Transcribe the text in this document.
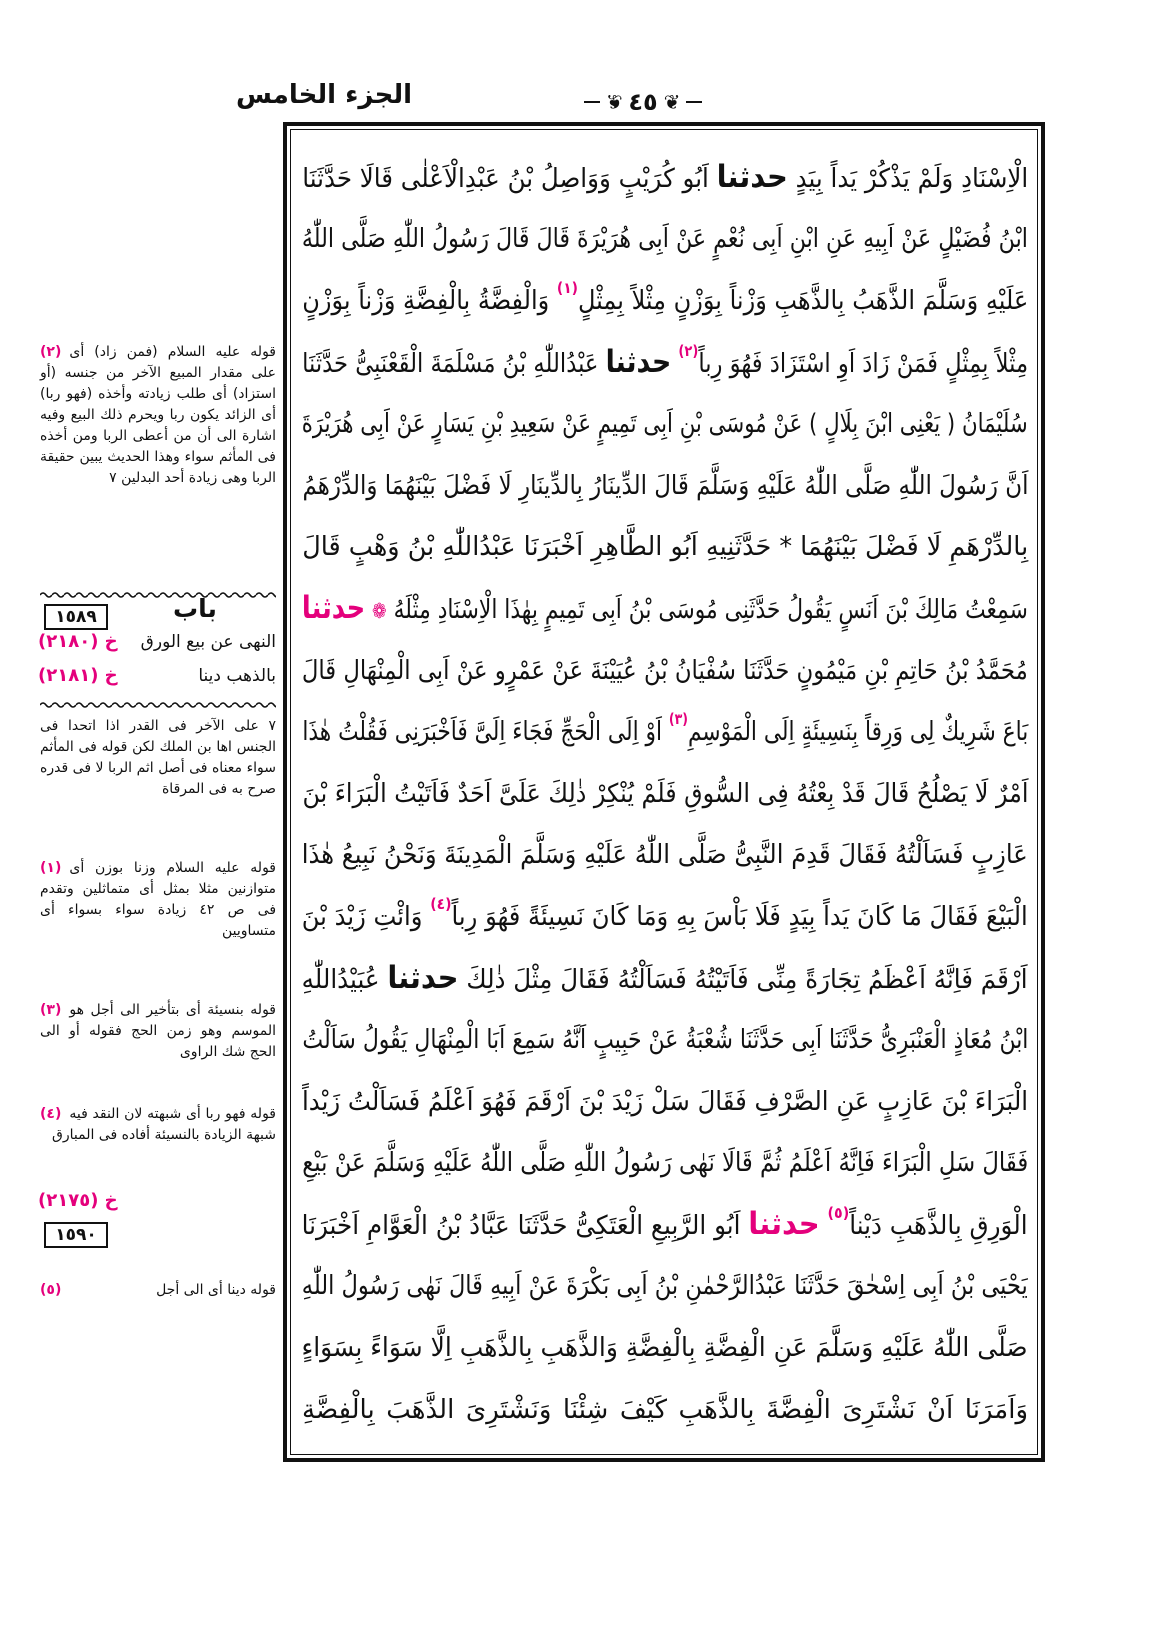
الجزء الخامس	❦
٤٥
❦
الْاِسْنَادِ وَلَمْ يَذْكُرْ يَداً بِيَدٍ حدثنا اَبُو كُرَيْبٍ وَوَاصِلُ بْنُ عَبْدِالْاَعْلٰى قَالَا حَدَّثَنَا
ابْنُ فُضَيْلٍ عَنْ اَبِيهِ عَنِ ابْنِ اَبِى نُعْمٍ عَنْ اَبِى هُرَيْرَةَ قَالَ قَالَ رَسُولُ اللّٰهِ صَلَّى اللّٰهُ
عَلَيْهِ وَسَلَّمَ الذَّهَبُ بِالذَّهَبِ وَزْناً بِوَزْنٍ مِثْلاً بِمِثْلٍ$^{(١)}$ وَالْفِضَّةُ بِالْفِضَّةِ وَزْناً بِوَزْنٍ
مِثْلاً بِمِثْلٍ فَمَنْ زَادَ اَوِ اسْتَزَادَ فَهُوَ رِباً$^{(٢)}$ حدثنا عَبْدُاللّٰهِ بْنُ مَسْلَمَةَ الْقَعْنَبِىُّ حَدَّثَنَا
سُلَيْمَانُ ( يَعْنِى ابْنَ بِلَالٍ ) عَنْ مُوسَى بْنِ اَبِى تَمِيمٍ عَنْ سَعِيدِ بْنِ يَسَارٍ عَنْ اَبِى هُرَيْرَةَ
اَنَّ رَسُولَ اللّٰهِ صَلَّى اللّٰهُ عَلَيْهِ وَسَلَّمَ قَالَ الدِّينَارُ بِالدِّينَارِ لَا فَضْلَ بَيْنَهُمَا وَالدِّرْهَمُ
بِالدِّرْهَمِ لَا فَضْلَ بَيْنَهُمَا * حَدَّثَنِيهِ اَبُو الطَّاهِرِ اَخْبَرَنَا عَبْدُاللّٰهِ بْنُ وَهْبٍ قَالَ
سَمِعْتُ مَالِكَ بْنَ اَنَسٍ يَقُولُ حَدَّثَنِى مُوسَى بْنُ اَبِى تَمِيمٍ بِهٰذَا الْاِسْنَادِ مِثْلَهُ ❁ حدثنا
مُحَمَّدُ بْنُ حَاتِمِ بْنِ مَيْمُونٍ حَدَّثَنَا سُفْيَانُ بْنُ عُيَيْنَةَ عَنْ عَمْرٍو عَنْ اَبِى الْمِنْهَالِ قَالَ
بَاعَ شَرِيكٌ لِى وَرِقاً بِنَسِيئَةٍ اِلَى الْمَوْسِمِ$^{(٣)}$ اَوْ اِلَى الْحَجِّ فَجَاءَ اِلَىَّ فَاَخْبَرَنِى فَقُلْتُ هٰذَا
اَمْرٌ لَا يَصْلُحُ قَالَ قَدْ بِعْتُهُ فِى السُّوقِ فَلَمْ يُنْكِرْ ذٰلِكَ عَلَىَّ اَحَدٌ فَاَتَيْتُ الْبَرَاءَ بْنَ
عَازِبٍ فَسَاَلْتُهُ فَقَالَ قَدِمَ النَّبِىُّ صَلَّى اللّٰهُ عَلَيْهِ وَسَلَّمَ الْمَدِينَةَ وَنَحْنُ نَبِيعُ هٰذَا
الْبَيْعَ فَقَالَ مَا كَانَ يَداً بِيَدٍ فَلَا بَاْسَ بِهِ وَمَا كَانَ نَسِيئَةً فَهُوَ رِباً$^{(٤)}$ وَائْتِ زَيْدَ بْنَ
اَرْقَمَ فَاِنَّهُ اَعْظَمُ تِجَارَةً مِنِّى فَاَتَيْتُهُ فَسَاَلْتُهُ فَقَالَ مِثْلَ ذٰلِكَ حدثنا عُبَيْدُاللّٰهِ
ابْنُ مُعَاذٍ الْعَنْبَرِىُّ حَدَّثَنَا اَبِى حَدَّثَنَا شُعْبَةُ عَنْ حَبِيبٍ اَنَّهُ سَمِعَ اَبَا الْمِنْهَالِ يَقُولُ سَاَلْتُ
الْبَرَاءَ بْنَ عَازِبٍ عَنِ الصَّرْفِ فَقَالَ سَلْ زَيْدَ بْنَ اَرْقَمَ فَهُوَ اَعْلَمُ فَسَاَلْتُ زَيْداً
فَقَالَ سَلِ الْبَرَاءَ فَاِنَّهُ اَعْلَمُ ثُمَّ قَالَا نَهٰى رَسُولُ اللّٰهِ صَلَّى اللّٰهُ عَلَيْهِ وَسَلَّمَ عَنْ بَيْعِ
الْوَرِقِ بِالذَّهَبِ دَيْناً$^{(٥)}$ حدثنا اَبُو الرَّبِيعِ الْعَتَكِىُّ حَدَّثَنَا عَبَّادُ بْنُ الْعَوَّامِ اَخْبَرَنَا
يَحْيَى بْنُ اَبِى اِسْحٰقَ حَدَّثَنَا عَبْدُالرَّحْمٰنِ بْنُ اَبِى بَكْرَةَ عَنْ اَبِيهِ قَالَ نَهٰى رَسُولُ اللّٰهِ
صَلَّى اللّٰهُ عَلَيْهِ وَسَلَّمَ عَنِ الْفِضَّةِ بِالْفِضَّةِ وَالذَّهَبِ بِالذَّهَبِ اِلَّا سَوَاءً بِسَوَاءٍ
وَاَمَرَنَا اَنْ نَشْتَرِىَ الْفِضَّةَ بِالذَّهَبِ كَيْفَ شِئْنَا وَنَشْتَرِىَ الذَّهَبَ بِالْفِضَّةِ
(٢) قوله عليه السلام (فمن زاد) أى على مقدار المبيع الآخر من جنسه (أو استزاد) أى طلب زيادته وأخذه (فهو ربا) أى الزائد يكون ربا ويحرم ذلك البيع وفيه اشارة الى أن من أعطى الربا ومن أخذه فى المأثم سواء وهذا الحديث يبين حقيقة الربا وهى زيادة أحد البدلين ٧
١٥٨٩	باب
النهى عن بيع الورق
خ (٢١٨٠)
بالذهب دينا
خ (٢١٨١)
٧ على الآخر فى القدر اذا اتحدا فى الجنس اها بن الملك لكن قوله فى المأثم سواء معناه فى أصل اثم الربا لا فى قدره صرح به فى المرقاة
(١) قوله عليه السلام وزنا بوزن أى متوازنين مثلا بمثل أى متماثلين وتقدم فى ص ٤٢ زيادة سواء بسواء أى متساويين
(٣) قوله بنسيئة أى بتأخير الى أجل هو الموسم وهو زمن الحج فقوله أو الى الحج شك الراوى
(٤) قوله فهو ربا أى شبهته لان النقد فيه شبهة الزيادة بالنسيئة أفاده فى المبارق
خ (٢١٧٥)
١٥٩٠
(٥)	قوله دينا أى الى أجل
